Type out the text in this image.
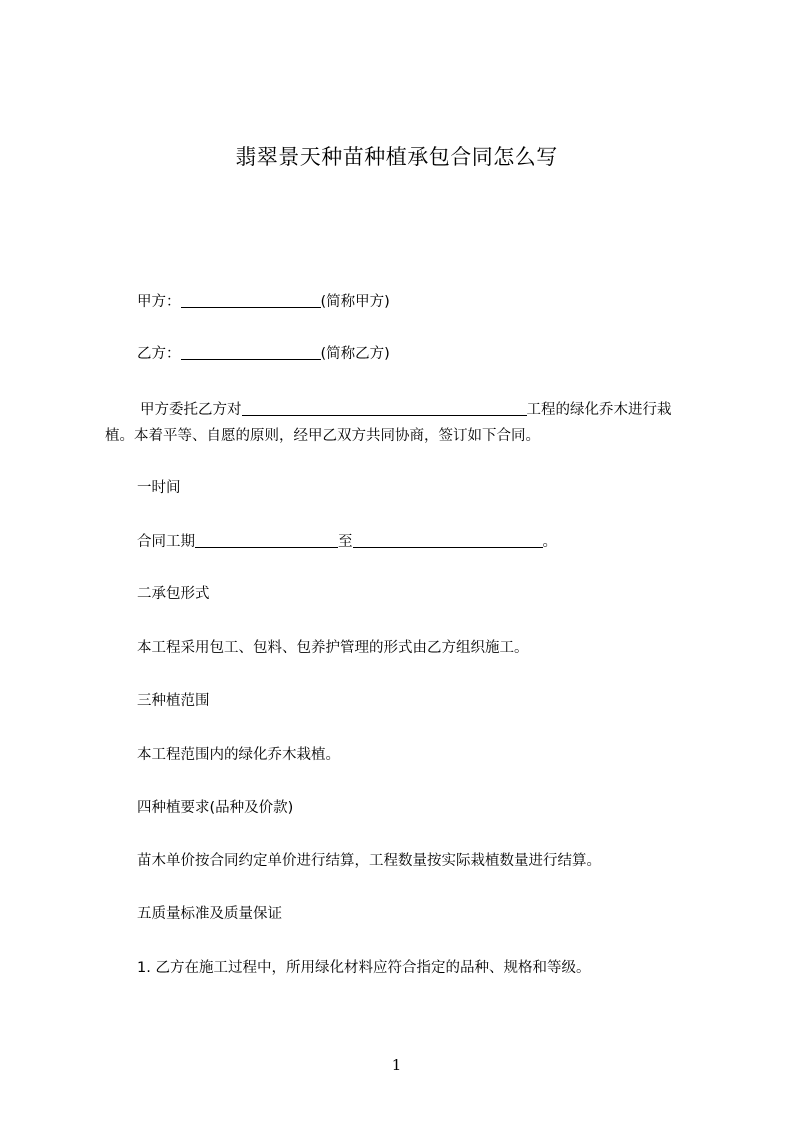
翡翠景天种苗种植承包合同怎么写
甲方：	(简称甲方)
乙方：	(简称乙方)
甲方委托乙方对	工程的绿化乔木进行栽
植。本着平等、自愿的原则，经甲乙双方共同协商，签订如下合同。
一时间
合同工期	至	。
二承包形式
本工程采用包工、包料、包养护管理的形式由乙方组织施工。
三种植范围
本工程范围内的绿化乔木栽植。
四种植要求(品种及价款)
苗木单价按合同约定单价进行结算，工程数量按实际栽植数量进行结算。
五质量标准及质量保证
1. 乙方在施工过程中，所用绿化材料应符合指定的品种、规格和等级。
1
